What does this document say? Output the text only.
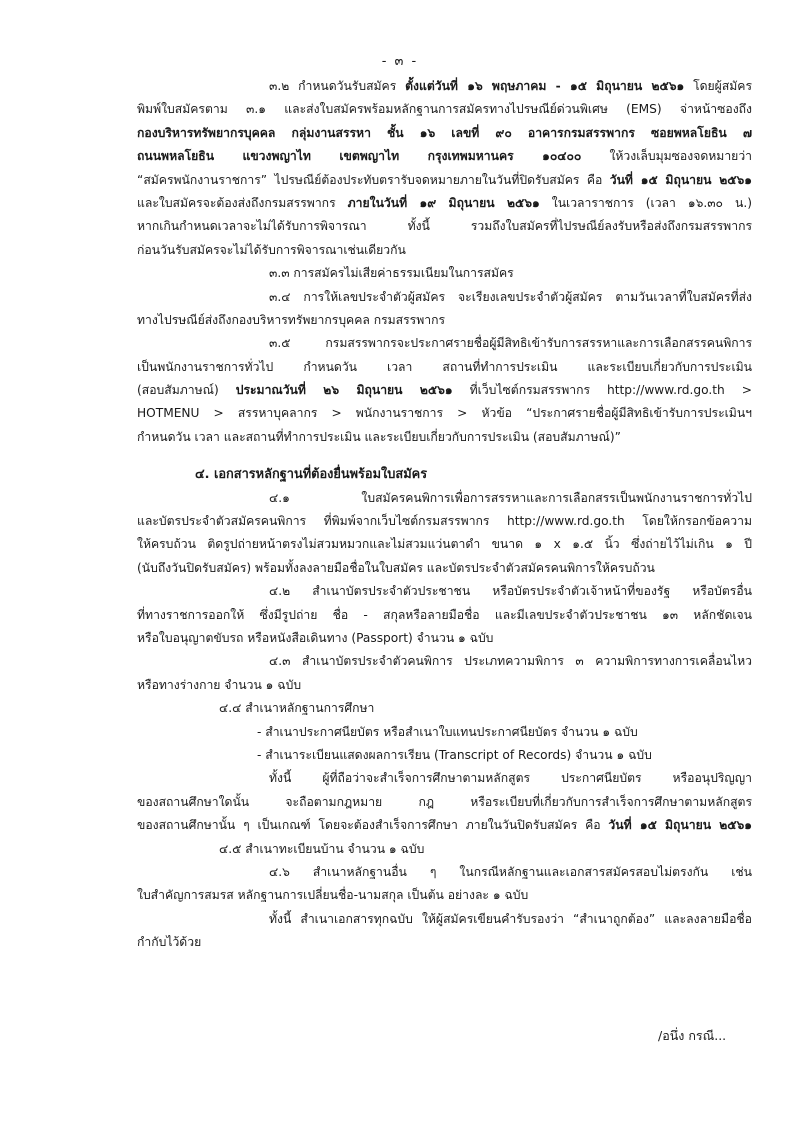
- ๓ -
๓.๒ กำหนดวันรับสมัคร ตั้งแต่วันที่ ๑๖ พฤษภาคม - ๑๕ มิถุนายน ๒๕๖๑ โดยผู้สมัคร
พิมพ์ใบสมัครตาม ๓.๑ และส่งใบสมัครพร้อมหลักฐานการสมัครทางไปรษณีย์ด่วนพิเศษ (EMS) จ่าหน้าซองถึง
กองบริหารทรัพยากรบุคคล กลุ่มงานสรรหา ชั้น ๑๖ เลขที่ ๙๐ อาคารกรมสรรพากร ซอยพหลโยธิน ๗
ถนนพหลโยธิน แขวงพญาไท เขตพญาไท กรุงเทพมหานคร ๑๐๔๐๐ ให้วงเล็บมุมซองจดหมายว่า
“สมัครพนักงานราชการ” ไปรษณีย์ต้องประทับตรารับจดหมายภายในวันที่ปิดรับสมัคร คือ วันที่ ๑๕ มิถุนายน ๒๕๖๑
และใบสมัครจะต้องส่งถึงกรมสรรพากร ภายในวันที่ ๑๙ มิถุนายน ๒๕๖๑ ในเวลาราชการ (เวลา ๑๖.๓๐ น.)
หากเกินกำหนดเวลาจะไม่ได้รับการพิจารณา ทั้งนี้ รวมถึงใบสมัครที่ไปรษณีย์ลงรับหรือส่งถึงกรมสรรพากร
ก่อนวันรับสมัครจะไม่ได้รับการพิจารณาเช่นเดียวกัน
๓.๓ การสมัครไม่เสียค่าธรรมเนียมในการสมัคร
๓.๔ การให้เลขประจำตัวผู้สมัคร จะเรียงเลขประจำตัวผู้สมัคร ตามวันเวลาที่ใบสมัครที่ส่ง
ทางไปรษณีย์ส่งถึงกองบริหารทรัพยากรบุคคล กรมสรรพากร
๓.๕ กรมสรรพากรจะประกาศรายชื่อผู้มีสิทธิเข้ารับการสรรหาและการเลือกสรรคนพิการ
เป็นพนักงานราชการทั่วไป กำหนดวัน เวลา สถานที่ทำการประเมิน และระเบียบเกี่ยวกับการประเมิน
(สอบสัมภาษณ์) ประมาณวันที่ ๒๖ มิถุนายน ๒๕๖๑ ที่เว็บไซต์กรมสรรพากร http://www.rd.go.th >
HOTMENU > สรรหาบุคลากร > พนักงานราชการ > หัวข้อ “ประกาศรายชื่อผู้มีสิทธิเข้ารับการประเมินฯ
กำหนดวัน เวลา และสถานที่ทำการประเมิน และระเบียบเกี่ยวกับการประเมิน (สอบสัมภาษณ์)”
๔. เอกสารหลักฐานที่ต้องยื่นพร้อมใบสมัคร
๔.๑ ใบสมัครคนพิการเพื่อการสรรหาและการเลือกสรรเป็นพนักงานราชการทั่วไป
และบัตรประจำตัวสมัครคนพิการ ที่พิมพ์จากเว็บไซต์กรมสรรพากร http://www.rd.go.th โดยให้กรอกข้อความ
ให้ครบถ้วน ติดรูปถ่ายหน้าตรงไม่สวมหมวกและไม่สวมแว่นตาดำ ขนาด ๑ x ๑.๕ นิ้ว ซึ่งถ่ายไว้ไม่เกิน ๑ ปี
(นับถึงวันปิดรับสมัคร) พร้อมทั้งลงลายมือชื่อในใบสมัคร และบัตรประจำตัวสมัครคนพิการให้ครบถ้วน
๔.๒ สำเนาบัตรประจำตัวประชาชน หรือบัตรประจำตัวเจ้าหน้าที่ของรัฐ หรือบัตรอื่น
ที่ทางราชการออกให้ ซึ่งมีรูปถ่าย ชื่อ - สกุลหรือลายมือชื่อ และมีเลขประจำตัวประชาชน ๑๓ หลักชัดเจน
หรือใบอนุญาตขับรถ หรือหนังสือเดินทาง (Passport) จำนวน ๑ ฉบับ
๔.๓ สำเนาบัตรประจำตัวคนพิการ ประเภทความพิการ ๓ ความพิการทางการเคลื่อนไหว
หรือทางร่างกาย จำนวน ๑ ฉบับ
๔.๔ สำเนาหลักฐานการศึกษา
- สำเนาประกาศนียบัตร หรือสำเนาใบแทนประกาศนียบัตร จำนวน ๑ ฉบับ
- สำเนาระเบียนแสดงผลการเรียน (Transcript of Records) จำนวน ๑ ฉบับ
ทั้งนี้ ผู้ที่ถือว่าจะสำเร็จการศึกษาตามหลักสูตร ประกาศนียบัตร หรืออนุปริญญา
ของสถานศึกษาใดนั้น จะถือตามกฎหมาย กฎ หรือระเบียบที่เกี่ยวกับการสำเร็จการศึกษาตามหลักสูตร
ของสถานศึกษานั้น ๆ เป็นเกณฑ์ โดยจะต้องสำเร็จการศึกษา ภายในวันปิดรับสมัคร คือ วันที่ ๑๕ มิถุนายน ๒๕๖๑
๔.๕ สำเนาทะเบียนบ้าน จำนวน ๑ ฉบับ
๔.๖ สำเนาหลักฐานอื่น ๆ ในกรณีหลักฐานและเอกสารสมัครสอบไม่ตรงกัน เช่น
ใบสำคัญการสมรส หลักฐานการเปลี่ยนชื่อ-นามสกุล เป็นต้น อย่างละ ๑ ฉบับ
ทั้งนี้ สำเนาเอกสารทุกฉบับ ให้ผู้สมัครเขียนคำรับรองว่า “สำเนาถูกต้อง” และลงลายมือชื่อ
กำกับไว้ด้วย
/อนึ่ง กรณี...
